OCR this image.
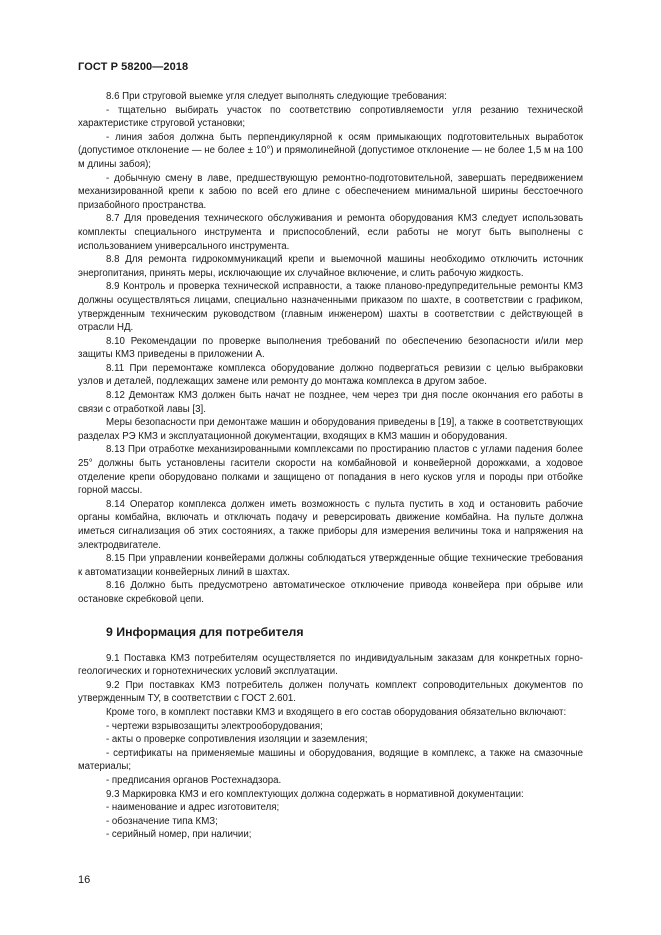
ГОСТ Р 58200—2018

8.6 При струговой выемке угля следует выполнять следующие требования:

- тщательно выбирать участок по соответствию сопротивляемости угля резанию технической характеристике струговой установки;

- линия забоя должна быть перпендикулярной к осям примыкающих подготовительных выработок (допустимое отклонение — не более ± 10°) и прямолинейной (допустимое отклонение — не более 1,5 м на 100 м длины забоя);

- добычную смену в лаве, предшествующую ремонтно-подготовительной, завершать передвижением механизированной крепи к забою по всей его длине с обеспечением минимальной ширины бесстоечного призабойного пространства.

8.7 Для проведения технического обслуживания и ремонта оборудования КМЗ следует использовать комплекты специального инструмента и приспособлений, если работы не могут быть выполнены с использованием универсального инструмента.

8.8 Для ремонта гидрокоммуникаций крепи и выемочной машины необходимо отключить источник энергопитания, принять меры, исключающие их случайное включение, и слить рабочую жидкость.

8.9 Контроль и проверка технической исправности, а также планово-предупредительные ремонты КМЗ должны осуществляться лицами, специально назначенными приказом по шахте, в соответствии с графиком, утвержденным техническим руководством (главным инженером) шахты в соответствии с действующей в отрасли НД.

8.10 Рекомендации по проверке выполнения требований по обеспечению безопасности и/или мер защиты КМЗ приведены в приложении А.

8.11 При перемонтаже комплекса оборудование должно подвергаться ревизии с целью выбраковки узлов и деталей, подлежащих замене или ремонту до монтажа комплекса в другом забое.

8.12 Демонтаж КМЗ должен быть начат не позднее, чем через три дня после окончания его работы в связи с отработкой лавы [3].

Меры безопасности при демонтаже машин и оборудования приведены в [19], а также в соответствующих разделах РЭ КМЗ и эксплуатационной документации, входящих в КМЗ машин и оборудования.

8.13 При отработке механизированными комплексами по простиранию пластов с углами падения более 25° должны быть установлены гасители скорости на комбайновой и конвейерной дорожками, а ходовое отделение крепи оборудовано полками и защищено от попадания в него кусков угля и породы при отбойке горной массы.

8.14 Оператор комплекса должен иметь возможность с пульта пустить в ход и остановить рабочие органы комбайна, включать и отключать подачу и реверсировать движение комбайна. На пульте должна иметься сигнализация об этих состояниях, а также приборы для измерения величины тока и напряжения на электродвигателе.

8.15 При управлении конвейерами должны соблюдаться утвержденные общие технические требования к автоматизации конвейерных линий в шахтах.

8.16 Должно быть предусмотрено автоматическое отключение привода конвейера при обрыве или остановке скребковой цепи.

9 Информация для потребителя

9.1 Поставка КМЗ потребителям осуществляется по индивидуальным заказам для конкретных горно-геологических и горнотехнических условий эксплуатации.

9.2 При поставках КМЗ потребитель должен получать комплект сопроводительных документов по утвержденным ТУ, в соответствии с ГОСТ 2.601.

Кроме того, в комплект поставки КМЗ и входящего в его состав оборудования обязательно включают:

- чертежи взрывозащиты электрооборудования;

- акты о проверке сопротивления изоляции и заземления;

- сертификаты на применяемые машины и оборудования, водящие в комплекс, а также на смазочные материалы;

- предписания органов Ростехнадзора.

9.3 Маркировка КМЗ и его комплектующих должна содержать в нормативной документации:

- наименование и адрес изготовителя;

- обозначение типа КМЗ;

- серийный номер, при наличии;

16
